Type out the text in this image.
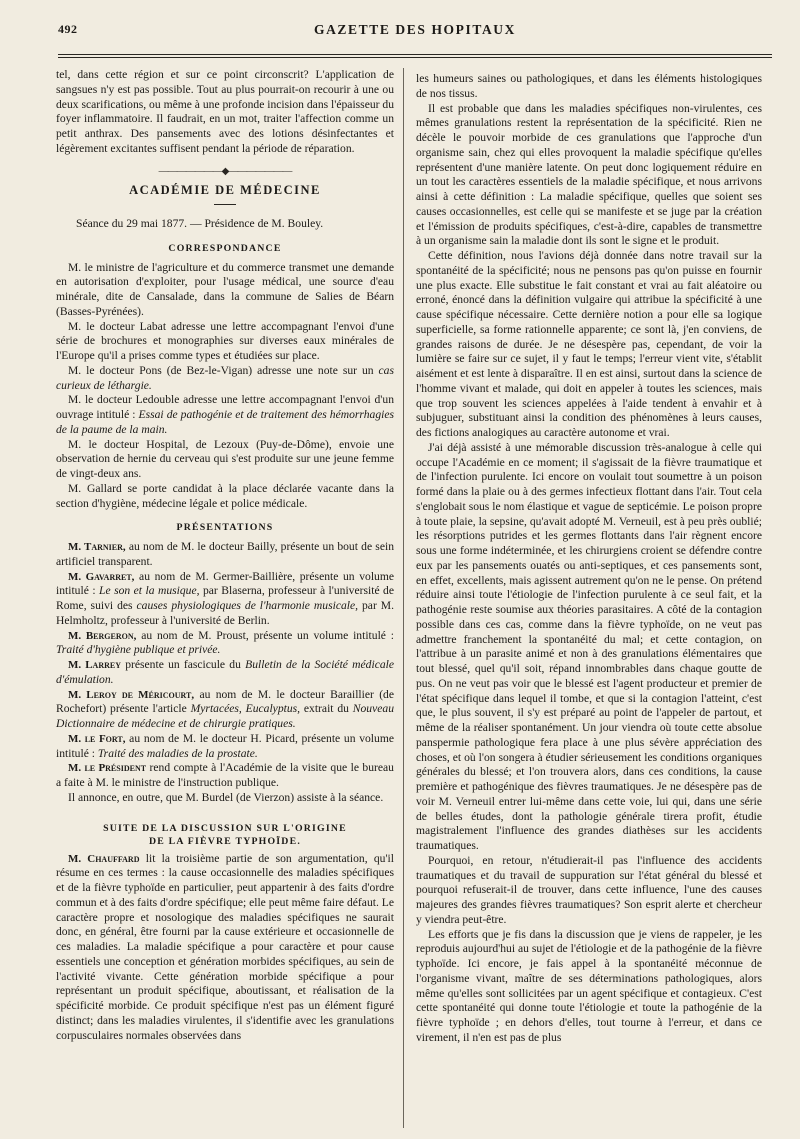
492	GAZETTE DES HOPITAUX

tel, dans cette région et sur ce point circonscrit? L'application de sangsues n'y est pas possible. Tout au plus pourrait-on recourir à une ou deux scarifications, ou même à une profonde incision dans l'épaisseur du foyer inflammatoire. Il faudrait, en un mot, traiter l'affection comme un petit anthrax. Des pansements avec des lotions désinfectantes et légèrement excitantes suffisent pendant la période de réparation.

―――――――◆―――――――
ACADÉMIE DE MÉDECINE

Séance du 29 mai 1877. — Présidence de M. Bouley.

CORRESPONDANCE

M. le ministre de l'agriculture et du commerce transmet une demande en autorisation d'exploiter, pour l'usage médical, une source d'eau minérale, dite de Cansalade, dans la commune de Salies de Béarn (Basses-Pyrénées).

M. le docteur Labat adresse une lettre accompagnant l'envoi d'une série de brochures et monographies sur diverses eaux minérales de l'Europe qu'il a prises comme types et étudiées sur place.

M. le docteur Pons (de Bez-le-Vigan) adresse une note sur un cas curieux de léthargie.

M. le docteur Ledouble adresse une lettre accompagnant l'envoi d'un ouvrage intitulé : Essai de pathogénie et de traitement des hémorrhagies de la paume de la main.

M. le docteur Hospital, de Lezoux (Puy-de-Dôme), envoie une observation de hernie du cerveau qui s'est produite sur une jeune femme de vingt-deux ans.

M. Gallard se porte candidat à la place déclarée vacante dans la section d'hygiène, médecine légale et police médicale.

PRÉSENTATIONS

M. Tarnier, au nom de M. le docteur Bailly, présente un bout de sein artificiel transparent.

M. Gavarret, au nom de M. Germer-Baillière, présente un volume intitulé : Le son et la musique, par Blaserna, professeur à l'université de Rome, suivi des causes physiologiques de l'harmonie musicale, par M. Helmholtz, professeur à l'université de Berlin.

M. Bergeron, au nom de M. Proust, présente un volume intitulé : Traité d'hygiène publique et privée.

M. Larrey présente un fascicule du Bulletin de la Société médicale d'émulation.

M. Leroy de Méricourt, au nom de M. le docteur Baraillier (de Rochefort) présente l'article Myrtacées, Eucalyptus, extrait du Nouveau Dictionnaire de médecine et de chirurgie pratiques.

M. le Fort, au nom de M. le docteur H. Picard, présente un volume intitulé : Traité des maladies de la prostate.

M. le Président rend compte à l'Académie de la visite que le bureau a faite à M. le ministre de l'instruction publique.

Il annonce, en outre, que M. Burdel (de Vierzon) assiste à la séance.

SUITE DE LA DISCUSSION SUR L'ORIGINE
DE LA FIÈVRE TYPHOÏDE.

M. Chauffard lit la troisième partie de son argumentation, qu'il résume en ces termes : la cause occasionnelle des maladies spécifiques et de la fièvre typhoïde en particulier, peut appartenir à des faits d'ordre commun et à des faits d'ordre spécifique; elle peut même faire défaut. Le caractère propre et nosologique des maladies spécifiques ne saurait donc, en général, être fourni par la cause extérieure et occasionnelle de ces maladies. La maladie spécifique a pour caractère et pour cause essentiels une conception et génération morbides spécifiques, au sein de l'activité vivante. Cette génération morbide spécifique a pour représentant un produit spécifique, aboutissant, et réalisation de la spécificité morbide. Ce produit spécifique n'est pas un élément figuré distinct; dans les maladies virulentes, il s'identifie avec les granulations corpusculaires normales observées dans

les humeurs saines ou pathologiques, et dans les éléments histologiques de nos tissus.

Il est probable que dans les maladies spécifiques non-virulentes, ces mêmes granulations restent la représentation de la spécificité. Rien ne décèle le pouvoir morbide de ces granulations que l'approche d'un organisme sain, chez qui elles provoquent la maladie spécifique qu'elles représentent d'une manière latente. On peut donc logiquement réduire en un tout les caractères essentiels de la maladie spécifique, et nous arrivons ainsi à cette définition : La maladie spécifique, quelles que soient ses causes occasionnelles, est celle qui se manifeste et se juge par la création et l'émission de produits spécifiques, c'est-à-dire, capables de transmettre à un organisme sain la maladie dont ils sont le signe et le produit.

Cette définition, nous l'avions déjà donnée dans notre travail sur la spontanéité de la spécificité; nous ne pensons pas qu'on puisse en fournir une plus exacte. Elle substitue le fait constant et vrai au fait aléatoire ou erroné, énoncé dans la définition vulgaire qui attribue la spécificité à une cause spécifique nécessaire. Cette dernière notion a pour elle sa logique superficielle, sa forme rationnelle apparente; ce sont là, j'en conviens, de grandes raisons de durée. Je ne désespère pas, cependant, de voir la lumière se faire sur ce sujet, il y faut le temps; l'erreur vient vite, s'établit aisément et est lente à disparaître. Il en est ainsi, surtout dans la science de l'homme vivant et malade, qui doit en appeler à toutes les sciences, mais que trop souvent les sciences appelées à l'aide tendent à envahir et à subjuguer, substituant ainsi la condition des phénomènes à leurs causes, des fictions analogiques au caractère autonome et vrai.

J'ai déjà assisté à une mémorable discussion très-analogue à celle qui occupe l'Académie en ce moment; il s'agissait de la fièvre traumatique et de l'infection purulente. Ici encore on voulait tout soumettre à un poison formé dans la plaie ou à des germes infectieux flottant dans l'air. Tout cela s'englobait sous le nom élastique et vague de septicémie. Le poison propre à toute plaie, la sepsine, qu'avait adopté M. Verneuil, est à peu près oublié; les résorptions putrides et les germes flottants dans l'air règnent encore sous une forme indéterminée, et les chirurgiens croient se défendre contre eux par les pansements ouatés ou anti-septiques, et ces pansements sont, en effet, excellents, mais agissent autrement qu'on ne le pense. On prétend réduire ainsi toute l'étiologie de l'infection purulente à ce seul fait, et la pathogénie reste soumise aux théories parasitaires. A côté de la contagion possible dans ces cas, comme dans la fièvre typhoïde, on ne veut pas admettre franchement la spontanéité du mal; et cette contagion, on l'attribue à un parasite animé et non à des granulations élémentaires que tout blessé, quel qu'il soit, répand innombrables dans chaque goutte de pus. On ne veut pas voir que le blessé est l'agent producteur et premier de l'état spécifique dans lequel il tombe, et que si la contagion l'atteint, c'est que, le plus souvent, il s'y est préparé au point de l'appeler de partout, et même de la réaliser spontanément. Un jour viendra où toute cette absolue panspermie pathologique fera place à une plus sévère appréciation des choses, et où l'on songera à étudier sérieusement les conditions organiques générales du blessé; et l'on trouvera alors, dans ces conditions, la cause première et pathogénique des fièvres traumatiques. Je ne désespère pas de voir M. Verneuil entrer lui-même dans cette voie, lui qui, dans une série de belles études, dont la pathologie générale tirera profit, étudie magistralement l'influence des grandes diathèses sur les accidents traumatiques.

Pourquoi, en retour, n'étudierait-il pas l'influence des accidents traumatiques et du travail de suppuration sur l'état général du blessé et pourquoi refuserait-il de trouver, dans cette influence, l'une des causes majeures des grandes fièvres traumatiques? Son esprit alerte et chercheur y viendra peut-être.

Les efforts que je fis dans la discussion que je viens de rappeler, je les reproduis aujourd'hui au sujet de l'étiologie et de la pathogénie de la fièvre typhoïde. Ici encore, je fais appel à la spontanéité méconnue de l'organisme vivant, maître de ses déterminations pathologiques, alors même qu'elles sont sollicitées par un agent spécifique et contagieux. C'est cette spontanéité qui donne toute l'étiologie et toute la pathogénie de la fièvre typhoïde ; en dehors d'elles, tout tourne à l'erreur, et dans ce virement, il n'en est pas de plus
